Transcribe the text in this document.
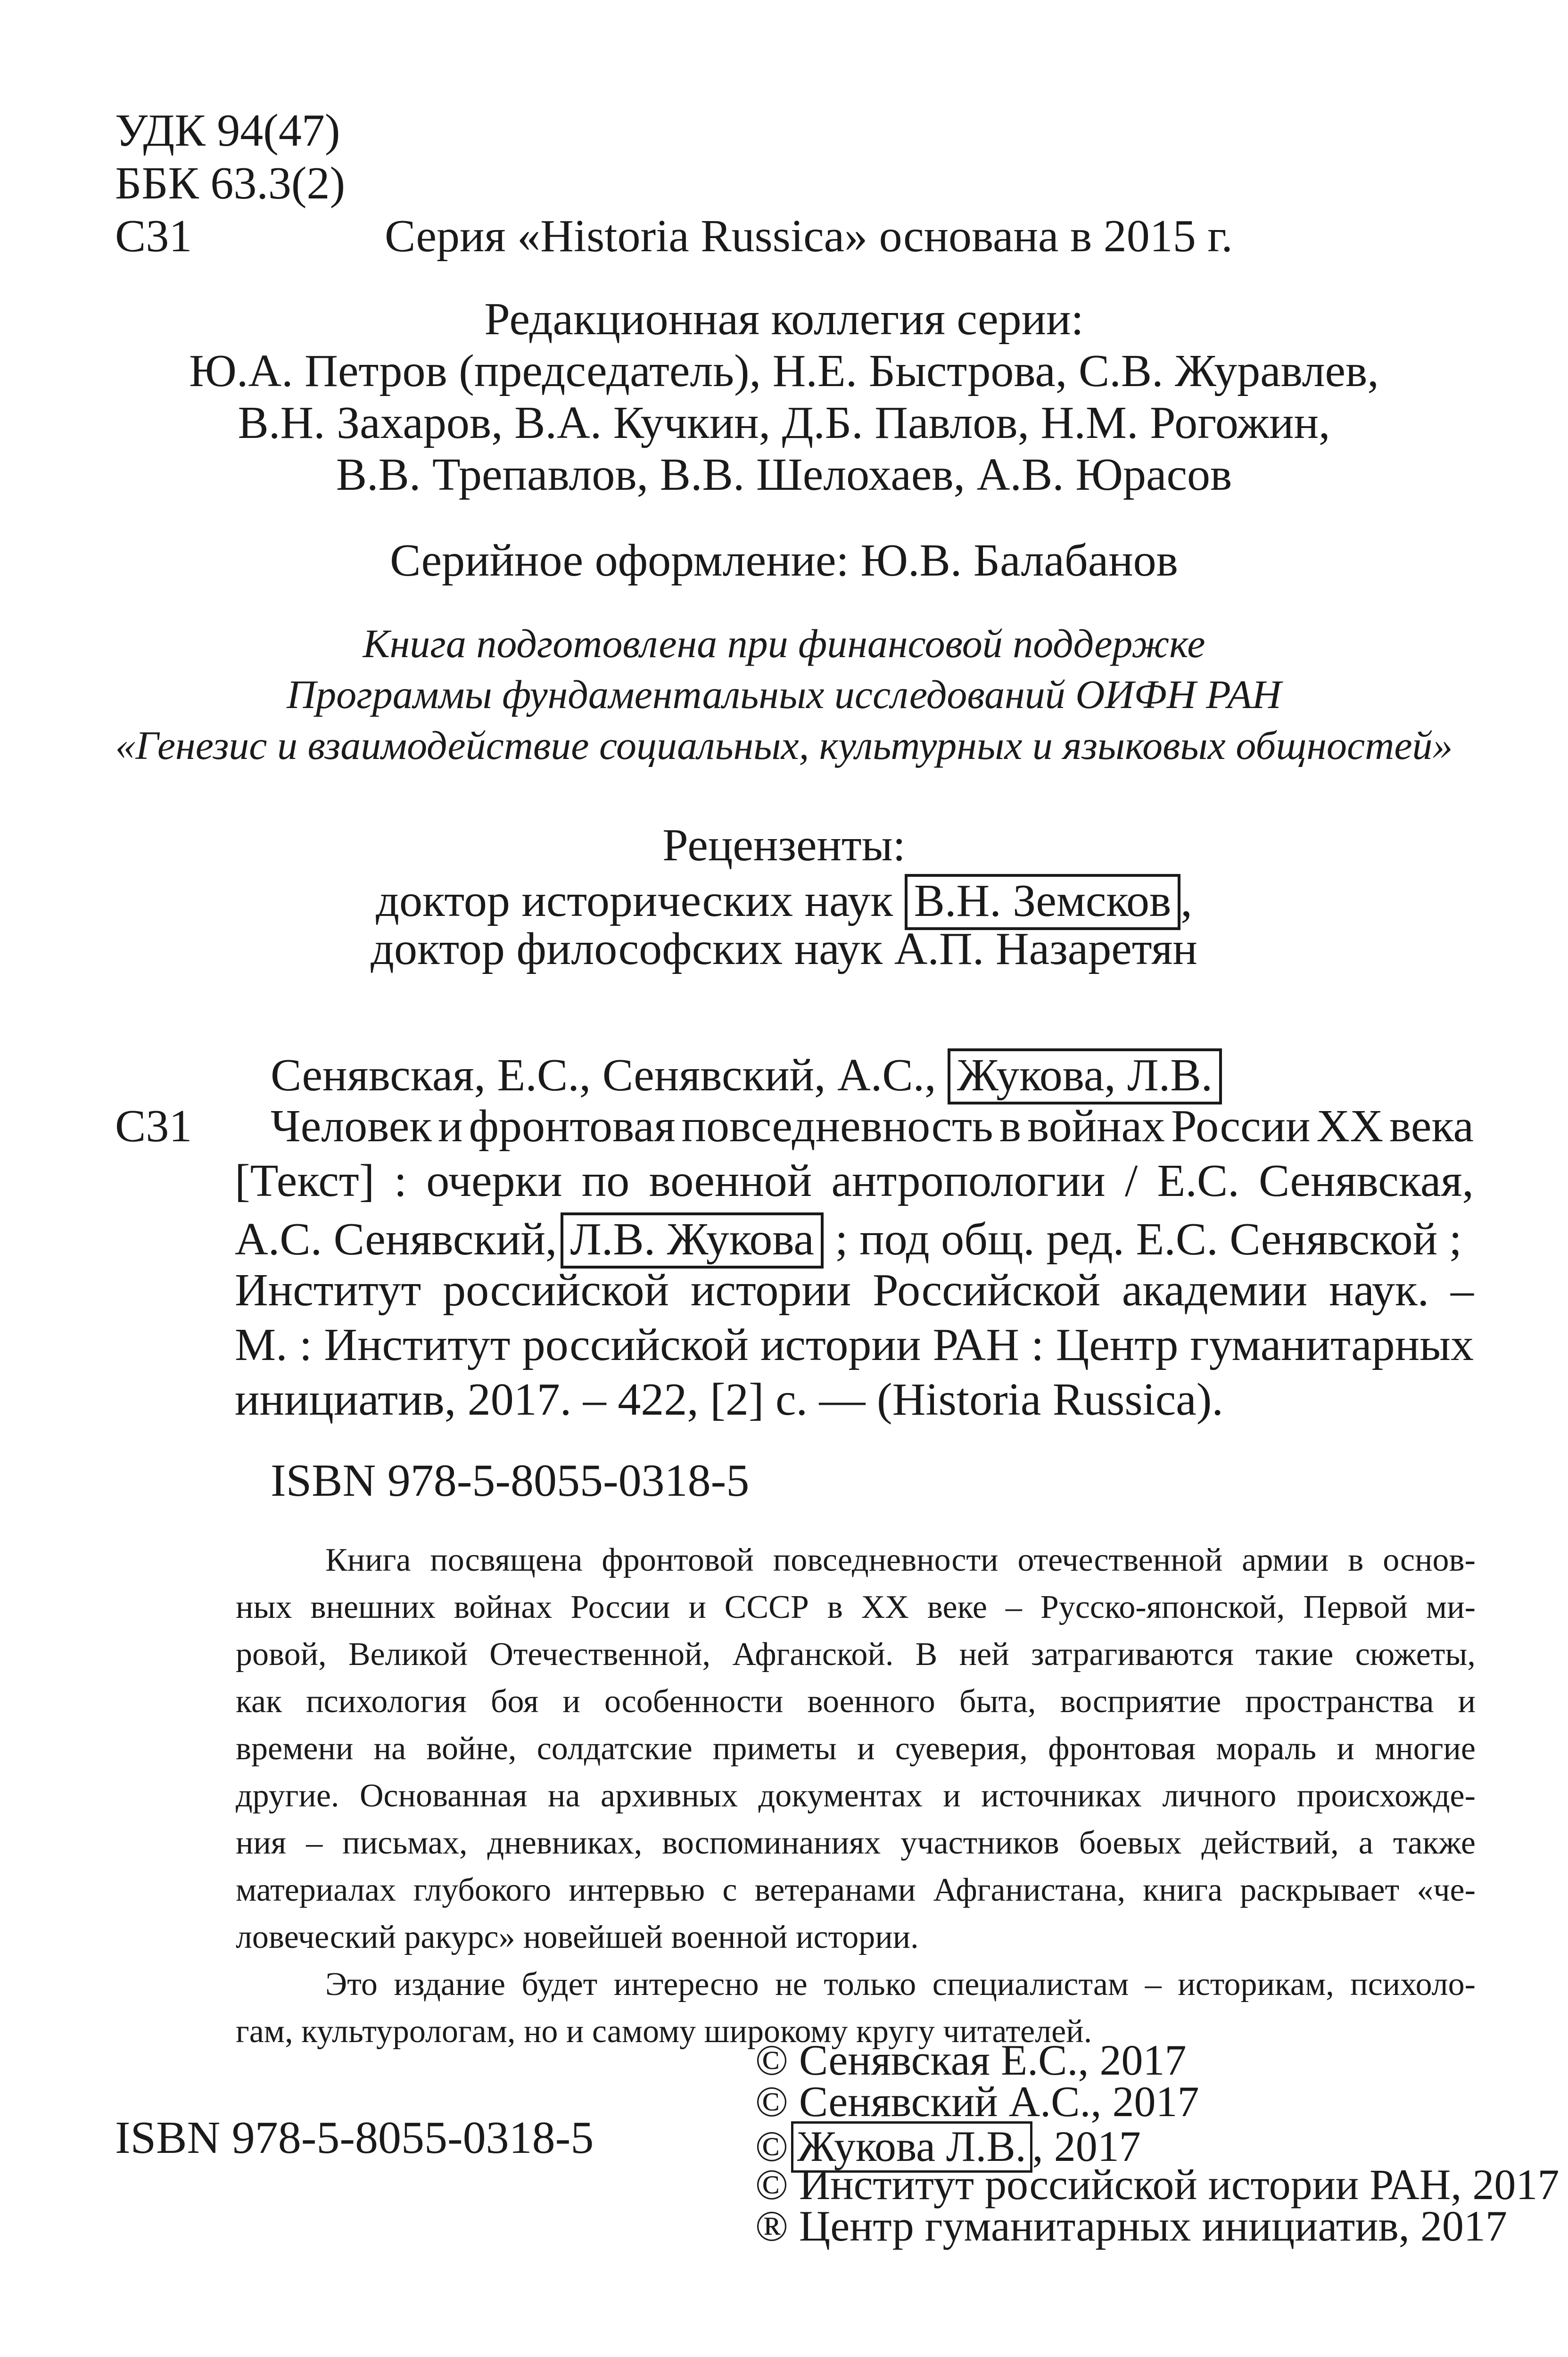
УДК 94(47)
ББК 63.3(2)
С31	Серия «Historia Russica» основана в 2015 г.
Редакционная коллегия серии:
Ю.А. Петров (председатель), Н.Е. Быстрова, С.В. Журавлев,
В.Н. Захаров, В.А. Кучкин, Д.Б. Павлов, Н.М. Рогожин,
В.В. Трепавлов, В.В. Шелохаев, А.В. Юрасов
Серийное оформление: Ю.В. Балабанов
Книга подготовлена при финансовой поддержке
Программы фундаментальных исследований ОИФН РАН
«Генезис и взаимодействие социальных, культурных и языковых общностей»
Рецензенты:
доктор исторических наук В.Н. Земсков ,
доктор философских наук А.П. Назаретян
Сенявская, Е.С., Сенявский, А.С., Жукова, Л.В.
С31 Человек и фронтовая повседневность в войнах России XX века
[Текст] : очерки по военной антропологии / Е.С. Сенявская,
А.С. Сенявский, Л.В. Жукова ; под общ. ред. Е.С. Сенявской ;
Институт российской истории Российской академии наук. –
М. : Институт российской истории РАН : Центр гуманитарных
инициатив, 2017. – 422, [2] с. — (Historia Russica).
ISBN 978-5-8055-0318-5
Книга посвящена фронтовой повседневности отечественной армии в основ-
ных внешних войнах России и СССР в XX веке – Русско-японской, Первой ми-
ровой, Великой Отечественной, Афганской. В ней затрагиваются такие сюжеты,
как психология боя и особенности военного быта, восприятие пространства и
времени на войне, солдатские приметы и суеверия, фронтовая мораль и многие
другие. Основанная на архивных документах и источниках личного происхожде-
ния – письмах, дневниках, воспоминаниях участников боевых действий, а также
материалах глубокого интервью с ветеранами Афганистана, книга раскрывает «че-
ловеческий ракурс» новейшей военной истории.
Это издание будет интересно не только специалистам – историкам, психоло-
гам, культурологам, но и самому широкому кругу читателей.
ISBN 978-5-8055-0318-5
© Сенявская Е.С., 2017
© Сенявский А.С., 2017
© Жукова Л.В. , 2017
© Институт российской истории РАН, 2017
® Центр гуманитарных инициатив, 2017
